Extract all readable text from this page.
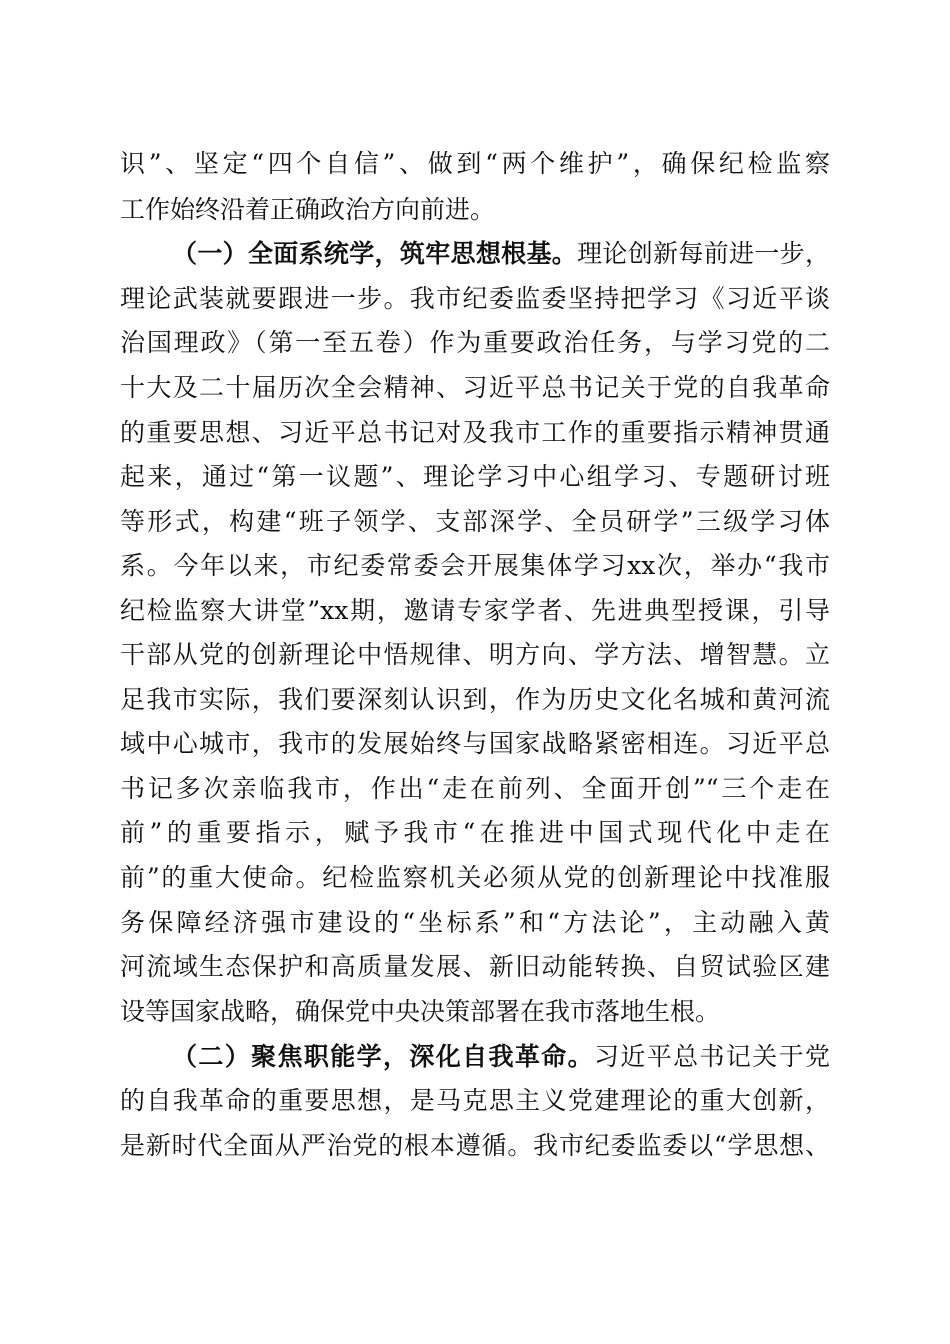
识”、坚定“四个自信”、做到“两个维护”，确保纪检监察
工作始终沿着正确政治方向前进。
（一）全面系统学，筑牢思想根基。理论创新每前进一步，
理论武装就要跟进一步。我市纪委监委坚持把学习《习近平谈
治国理政》（第一至五卷）作为重要政治任务，与学习党的二
十大及二十届历次全会精神、习近平总书记关于党的自我革命
的重要思想、习近平总书记对及我市工作的重要指示精神贯通
起来，通过“第一议题”、理论学习中心组学习、专题研讨班
等形式，构建“班子领学、支部深学、全员研学”三级学习体
系。今年以来，市纪委常委会开展集体学习xx次，举办“我市
纪检监察大讲堂”xx期，邀请专家学者、先进典型授课，引导
干部从党的创新理论中悟规律、明方向、学方法、增智慧。立
足我市实际，我们要深刻认识到，作为历史文化名城和黄河流
域中心城市，我市的发展始终与国家战略紧密相连。习近平总
书记多次亲临我市，作出“走在前列、全面开创”“三个走在
前”的重要指示，赋予我市“在推进中国式现代化中走在
前”的重大使命。纪检监察机关必须从党的创新理论中找准服
务保障经济强市建设的“坐标系”和“方法论”，主动融入黄
河流域生态保护和高质量发展、新旧动能转换、自贸试验区建
设等国家战略，确保党中央决策部署在我市落地生根。
（二）聚焦职能学，深化自我革命。习近平总书记关于党
的自我革命的重要思想，是马克思主义党建理论的重大创新，
是新时代全面从严治党的根本遵循。我市纪委监委以“学思想、
